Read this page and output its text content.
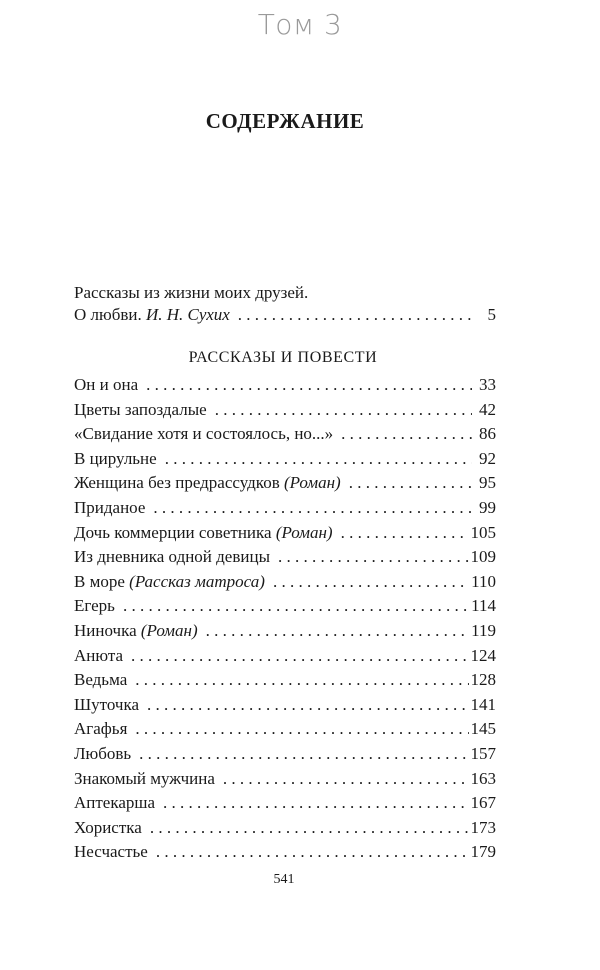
Том 3
СОДЕРЖАНИЕ
Рассказы из жизни моих друзей.
О любви. И. Н. Сухих . . .	5
РАССКАЗЫ И ПОВЕСТИ
Он и она . . .	33
Цветы запоздалые . . .	42
«Свидание хотя и состоялось, но...» . . .	86
В цирульне . . .	92
Женщина без предрассудков (Роман) . . .	95
Приданое . . .	99
Дочь коммерции советника (Роман) . . .	105
Из дневника одной девицы . . .	109
В море (Рассказ матроса) . . .	110
Егерь . . .	114
Ниночка (Роман) . . .	119
Анюта . . .	124
Ведьма . . .	128
Шуточка . . .	141
Агафья . . .	145
Любовь . . .	157
Знакомый мужчина . . .	163
Аптекарша . . .	167
Хористка . . .	173
Несчастье . . .	179
541
